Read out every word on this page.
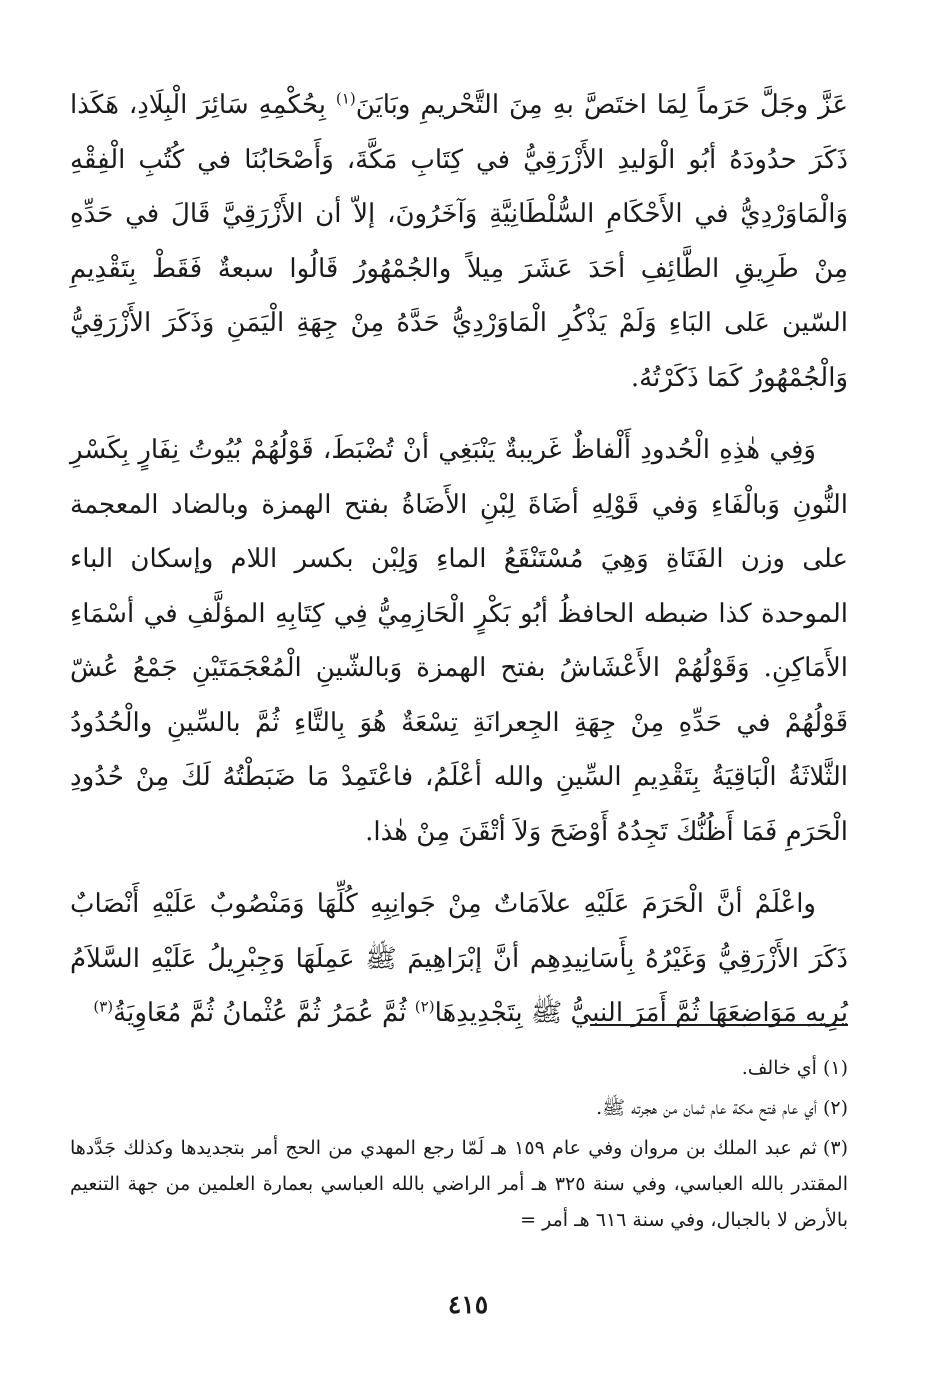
عَزَّ وجَلَّ حَرَماً لِمَا اختَصَّ بهِ مِنَ التَّحْريمِ وبَايَنَ$^{(١)}$ بِحُكْمِهِ سَائِرَ الْبِلَادِ، هَكَذا ذَكَرَ حدُودَهُ أبُو الْوَليدِ الأَزْرَقِيُّ في كِتَابِ مَكَّةَ، وَأَصْحَابُنَا في كُتُبِ الْفِقْهِ وَالْمَاوَرْدِيُّ في الأَحْكَامِ السُّلْطَانِيَّةِ وَآخَرُونَ، إلاّ أن الأَزْرَقِيَّ قَالَ في حَدِّهِ مِنْ طَرِيقِ الطَّائِفِ أحَدَ عَشَرَ مِيلاً والجُمْهُورُ قَالُوا سبعةٌ فَقَطْ بِتَقْدِيمِ السّين عَلى البَاءِ وَلَمْ يَذْكُرِ الْمَاوَرْدِيُّ حَدَّهُ مِنْ جِهَةِ الْيَمَنِ وَذَكَرَ الأَزْرَقِيُّ وَالْجُمْهُورُ كَمَا ذَكَرْتُهُ.

وَفِي هٰذِهِ الْحُدودِ أَلْفاظٌ غَريبةٌ يَنْبَغِي أنْ تُضْبَطَ، قَوْلُهُمْ بُيُوتُ نِفَارٍ بِكَسْرِ النُّونِ وَبالْفَاءِ وَفي قَوْلِهِ أضَاةَ لِبْنِ الأَضَاةُ بفتح الهمزة وبالضاد المعجمة على وزن الفَتَاةِ وَهِيَ مُسْتَنْقَعُ الماءِ وَلِبْن بكسر اللام وإسكان الباء الموحدة كذا ضبطه الحافظُ أبُو بَكْرٍ الْحَازِمِيُّ فِي كِتَابِهِ المؤلَّفِ في أسْمَاءِ الأَمَاكِنِ. وَقَوْلُهُمْ الأَعْشَاشُ بفتح الهمزة وَبالشّينِ الْمُعْجَمَتَيْنِ جَمْعُ عُشّ قَوْلُهُمْ في حَدِّهِ مِنْ جِهَةِ الجِعرانَةِ تِسْعَةٌ هُوَ بِالتَّاءِ ثُمَّ بالسِّينِ والْحُدُودُ الثَّلاثَةُ الْبَاقِيَةُ بِتَقْدِيمِ السِّينِ والله أعْلَمُ، فاعْتَمِدْ مَا ضَبَطْتُهُ لَكَ مِنْ حُدُودِ الْحَرَمِ فَمَا أَظُنُّكَ تَجِدُهُ أَوْضَحَ وَلاَ أتْقَنَ مِنْ هٰذا.

واعْلَمْ أنَّ الْحَرَمَ عَلَيْهِ علاَمَاتٌ مِنْ جَوانِبِهِ كُلِّهَا وَمَنْصُوبٌ عَلَيْهِ أَنْصَابٌ ذَكَرَ الأَزْرَقِيُّ وَغَيْرُهُ بِأَسَانِيدِهِم أنَّ إبْرَاهِيمَ ﷺ عَمِلَهَا وَجِبْرِيلُ عَلَيْهِ السَّلاَمُ يُرِيهِ مَوَاضِعَهَا ثُمَّ أَمَرَ النبيُّ ﷺ بِتَجْدِيدِهَا$^{(٢)}$ ثُمَّ عُمَرُ ثُمَّ عُثْمانُ ثُمَّ مُعَاوِيَةُ$^{(٣)}$

(١)أي خالف.

(٢)أي عام فتح مكة عام ثمان من هجرته ﷺ.

(٣)ثم عبد الملك بن مروان وفي عام ١٥٩ هـ لَمّا رجع المهدي من الحج أمر بتجديدها وكذلك جَدَّدها المقتدر بالله العباسي، وفي سنة ٣٢٥ هـ أمر الراضي بالله العباسي بعمارة العلمين من جهة التنعيم بالأرض لا بالجبال، وفي سنة ٦١٦ هـ أمر =

٤١٥
